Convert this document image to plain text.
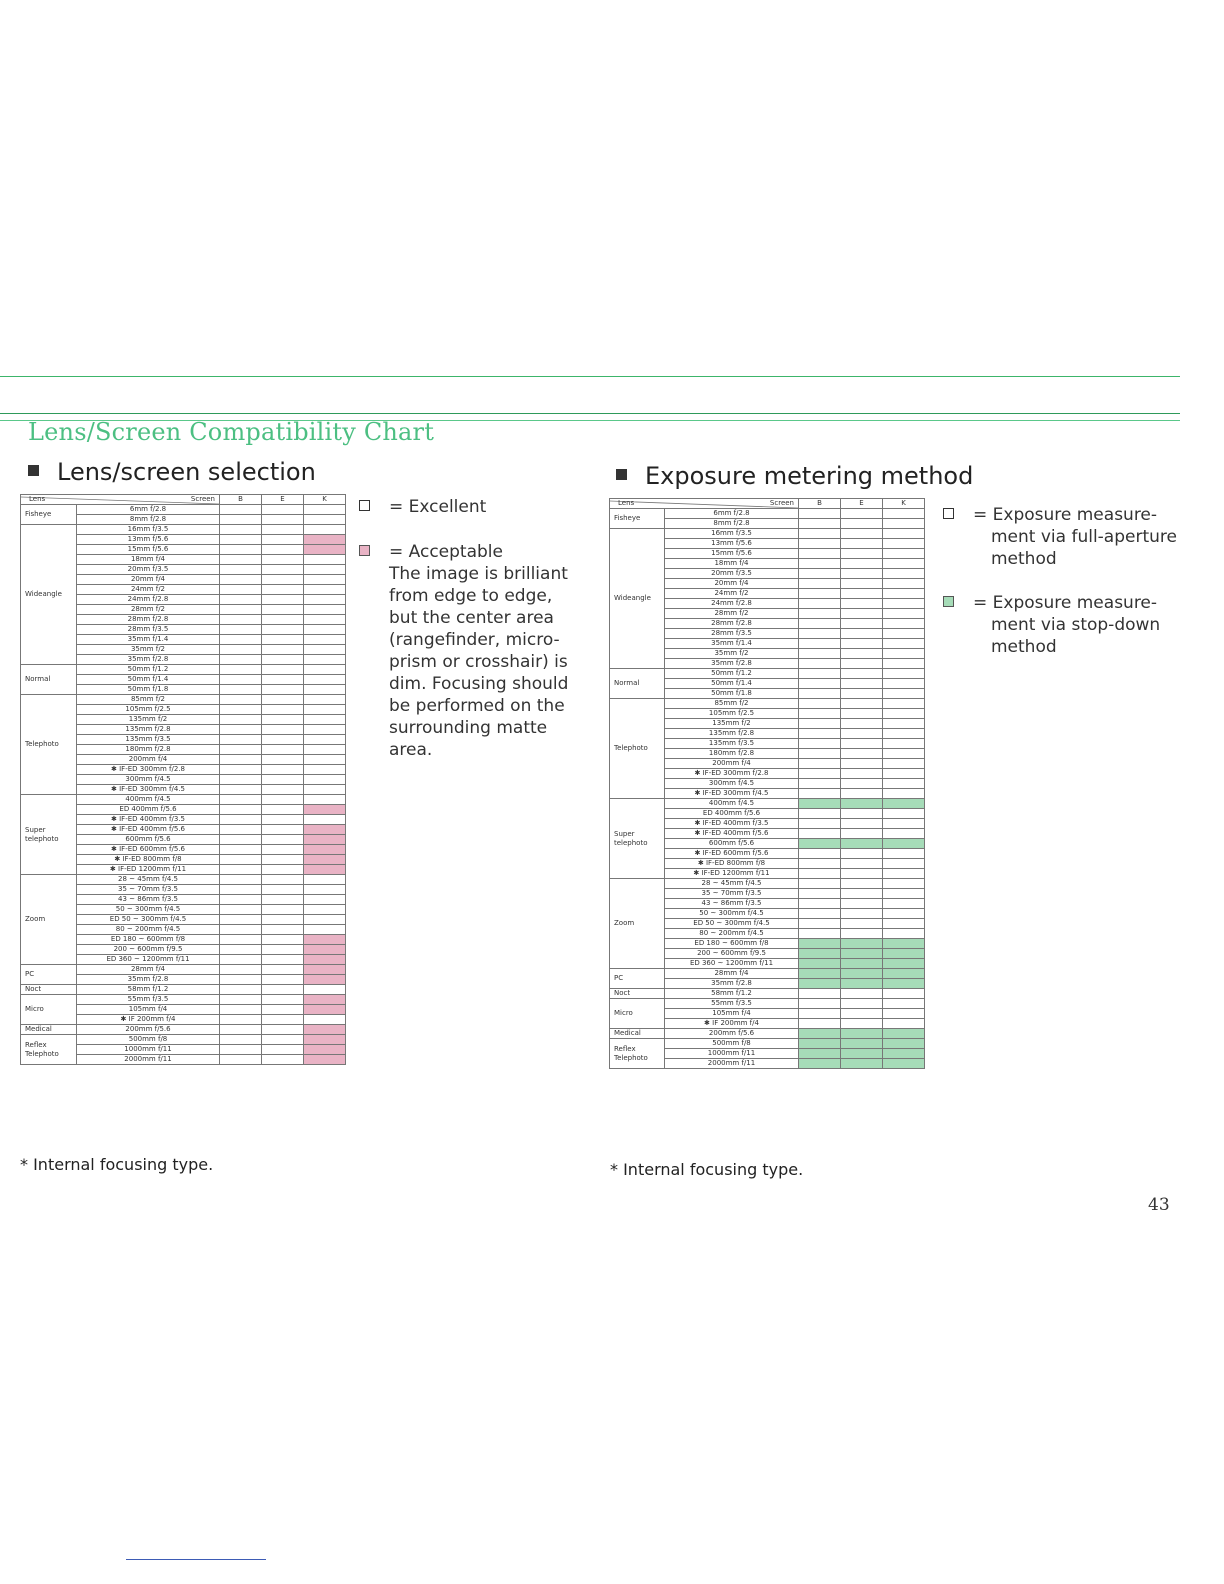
Lens/Screen Compatibility Chart
Lens/screen selection	Exposure metering method
Lens Screen		B	E	K
Fisheye	6mm f/2.8			
	8mm f/2.8			
Wideangle	16mm f/3.5			
	13mm f/5.6			
	15mm f/5.6			
	18mm f/4			
	20mm f/3.5			
	20mm f/4			
	24mm f/2			
	24mm f/2.8			
	28mm f/2			
	28mm f/2.8			
	28mm f/3.5			
	35mm f/1.4			
	35mm f/2			
	35mm f/2.8			
Normal	50mm f/1.2			
	50mm f/1.4			
	50mm f/1.8			
Telephoto	85mm f/2			
	105mm f/2.5			
	135mm f/2			
	135mm f/2.8			
	135mm f/3.5			
	180mm f/2.8			
	200mm f/4			
	✱ IF-ED 300mm f/2.8			
	300mm f/4.5			
	✱ IF-ED 300mm f/4.5			
Super telephoto	400mm f/4.5			
	ED 400mm f/5.6			
	✱ IF-ED 400mm f/3.5			
	✱ IF-ED 400mm f/5.6			
	600mm f/5.6			
	✱ IF-ED 600mm f/5.6			
	✱ IF-ED 800mm f/8			
	✱ IF-ED 1200mm f/11			
Zoom	28 ~ 45mm f/4.5			
	35 ~ 70mm f/3.5			
	43 ~ 86mm f/3.5			
	50 ~ 300mm f/4.5			
	ED 50 ~ 300mm f/4.5			
	80 ~ 200mm f/4.5			
	ED 180 ~ 600mm f/8			
	200 ~ 600mm f/9.5			
	ED 360 ~ 1200mm f/11			
PC	28mm f/4			
	35mm f/2.8			
Noct	58mm f/1.2			
Micro	55mm f/3.5			
	105mm f/4			
	✱ IF 200mm f/4			
Medical	200mm f/5.6			
Reflex Telephoto	500mm f/8			
	1000mm f/11			
	2000mm f/11			
Lens Screen		B	E	K
Fisheye	6mm f/2.8			
	8mm f/2.8			
Wideangle	16mm f/3.5			
	13mm f/5.6			
	15mm f/5.6			
	18mm f/4			
	20mm f/3.5			
	20mm f/4			
	24mm f/2			
	24mm f/2.8			
	28mm f/2			
	28mm f/2.8			
	28mm f/3.5			
	35mm f/1.4			
	35mm f/2			
	35mm f/2.8			
Normal	50mm f/1.2			
	50mm f/1.4			
	50mm f/1.8			
Telephoto	85mm f/2			
	105mm f/2.5			
	135mm f/2			
	135mm f/2.8			
	135mm f/3.5			
	180mm f/2.8			
	200mm f/4			
	✱ IF-ED 300mm f/2.8			
	300mm f/4.5			
	✱ IF-ED 300mm f/4.5			
Super telephoto	400mm f/4.5			
	ED 400mm f/5.6			
	✱ IF-ED 400mm f/3.5			
	✱ IF-ED 400mm f/5.6			
	600mm f/5.6			
	✱ IF-ED 600mm f/5.6			
	✱ IF-ED 800mm f/8			
	✱ IF-ED 1200mm f/11			
Zoom	28 ~ 45mm f/4.5			
	35 ~ 70mm f/3.5			
	43 ~ 86mm f/3.5			
	50 ~ 300mm f/4.5			
	ED 50 ~ 300mm f/4.5			
	80 ~ 200mm f/4.5			
	ED 180 ~ 600mm f/8			
	200 ~ 600mm f/9.5			
	ED 360 ~ 1200mm f/11			
PC	28mm f/4			
	35mm f/2.8			
Noct	58mm f/1.2			
Micro	55mm f/3.5			
	105mm f/4			
	✱ IF 200mm f/4			
Medical	200mm f/5.6			
Reflex Telephoto	500mm f/8			
	1000mm f/11			
	2000mm f/11			
= Excellent
= Acceptable
The image is brilliant
from edge to edge,
but the center area
(rangefinder, micro-
prism or crosshair) is
dim. Focusing should
be performed on the
surrounding matte
area.
= Exposure measure-
ment via full-aperture
method
= Exposure measure-
ment via stop-down
method
* Internal focusing type.	* Internal focusing type.
43
